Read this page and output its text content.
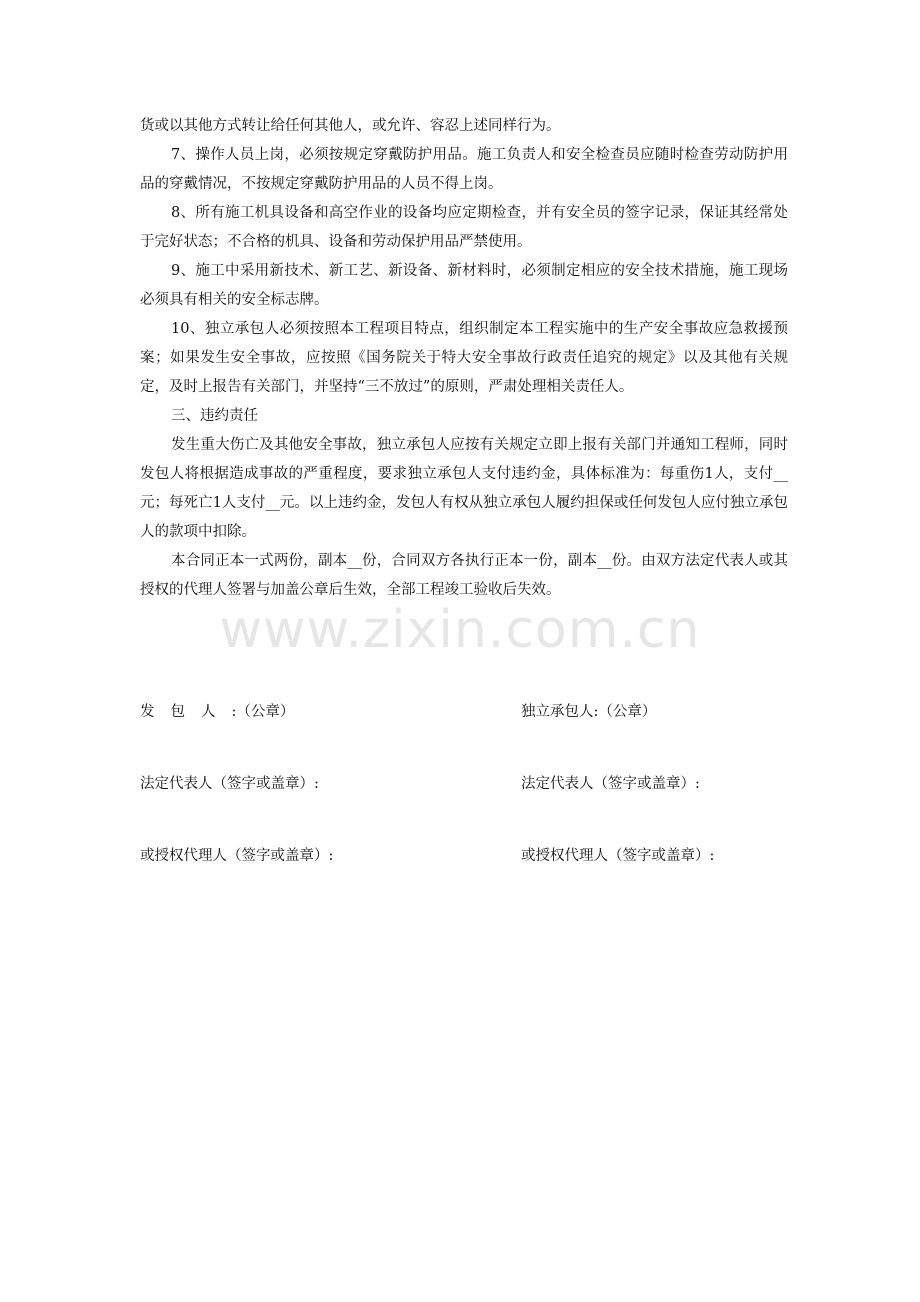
货或以其他方式转让给任何其他人，或允许、容忍上述同样行为。

7、操作人员上岗，必须按规定穿戴防护用品。施工负责人和安全检查员应随时检查劳动防护用品的穿戴情况，不按规定穿戴防护用品的人员不得上岗。

8、所有施工机具设备和高空作业的设备均应定期检查，并有安全员的签字记录，保证其经常处于完好状态；不合格的机具、设备和劳动保护用品严禁使用。

9、施工中采用新技术、新工艺、新设备、新材料时，必须制定相应的安全技术措施，施工现场必须具有相关的安全标志牌。

10、独立承包人必须按照本工程项目特点，组织制定本工程实施中的生产安全事故应急救援预案；如果发生安全事故，应按照《国务院关于特大安全事故行政责任追究的规定》以及其他有关规定，及时上报告有关部门，并坚持“三不放过”的原则，严肃处理相关责任人。

三、违约责任

发生重大伤亡及其他安全事故，独立承包人应按有关规定立即上报有关部门并通知工程师，同时发包人将根据造成事故的严重程度，要求独立承包人支付违约金，具体标准为：每重伤1人，支付__元；每死亡1人支付__元。以上违约金，发包人有权从独立承包人履约担保或任何发包人应付独立承包人的款项中扣除。

本合同正本一式两份，副本__份，合同双方各执行正本一份，副本__份。由双方法定代表人或其授权的代理人签署与加盖公章后生效，全部工程竣工验收后失效。

www.zixin.com.cn
发包人:（公章）	独立承包人:（公章）
法定代表人（签字或盖章）:	法定代表人（签字或盖章）:
或授权代理人（签字或盖章）:	或授权代理人（签字或盖章）:
